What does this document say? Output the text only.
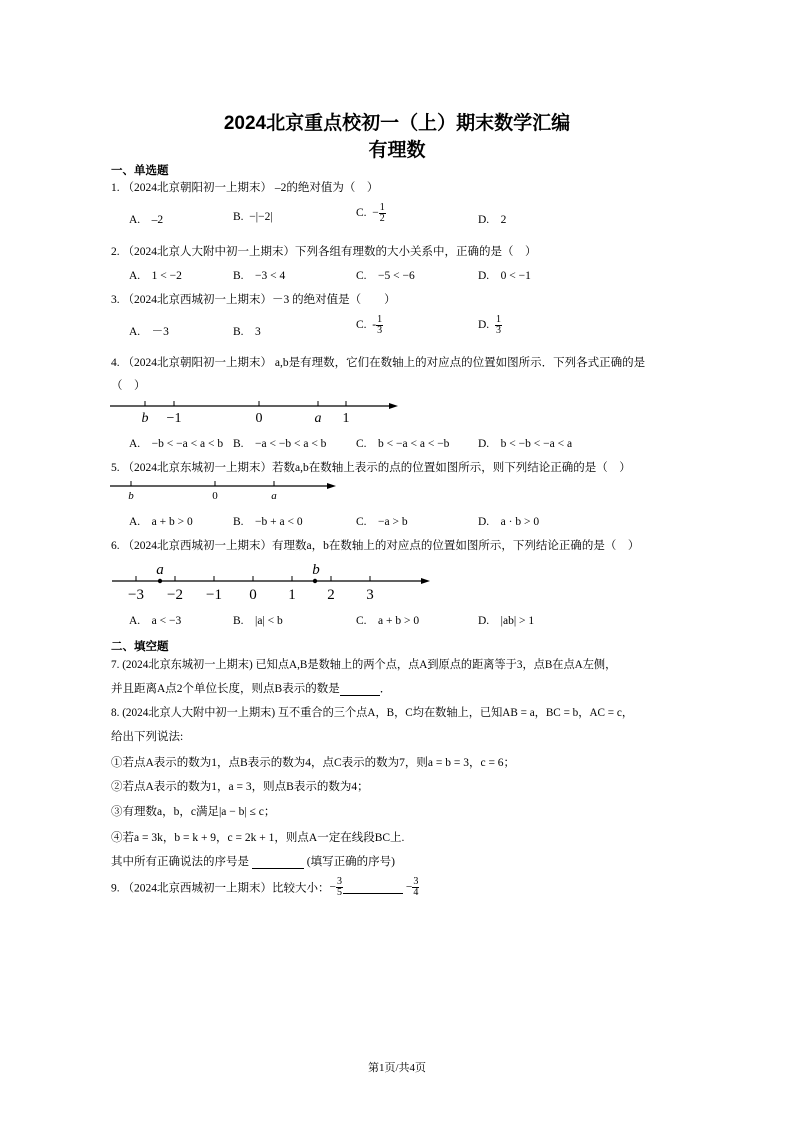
2024北京重点校初一（上）期末数学汇编
有理数
一、单选题
1. （2024北京朝阳初一上期末） –2的绝对值为（　）
A.　–2	B. −|−2|	C. − $\frac{1}{2}$	D.　2
2. （2024北京人大附中初一上期末）下列各组有理数的大小关系中，正确的是（　）
A.　1 < −2	B.　−3 < 4	C.　−5 < −6	D.　0 < −1
3. （2024北京西城初一上期末）－3 的绝对值是（　　）
A.　－3	B.　3
C. - $\frac{1}{3}$	D. $\frac{1}{3}$
4. （2024北京朝阳初一上期末） a,b是有理数，它们在数轴上的对应点的位置如图所示．下列各式正确的是
（　）
b −1	0	a 1
A.　−b < −a < a < b B.　−a < −b < a < b	C.　b < −a < a < −b D.　b < −b < −a < a
5. （2024北京东城初一上期末）若数a,b在数轴上表示的点的位置如图所示，则下列结论正确的是（　）
b	0	a
A.　a + b > 0	B.　−b + a < 0	C.　−a > b	D.　a · b > 0
6. （2024北京西城初一上期末）有理数a，b在数轴上的对应点的位置如图所示，下列结论正确的是（　）
a	b
−3 −2 −1 0 1 2 3
A.　a < −3	B.　|a| < b	C.　a + b > 0	D.　|ab| > 1
二、填空题
7. (2024北京东城初一上期末) 已知点A,B是数轴上的两个点，点A到原点的距离等于3，点B在点A左侧，
并且距离A点2个单位长度，则点B表示的数是	．
8. (2024北京人大附中初一上期末) 互不重合的三个点A，B，C均在数轴上，已知AB = a，BC = b，AC = c，
给出下列说法:
①若点A表示的数为1，点B表示的数为4，点C表示的数为7，则a = b = 3，c = 6；
②若点A表示的数为1，a = 3，则点B表示的数为4；
③有理数a，b，c满足|a − b| ≤ c；
④若a = 3k，b = k + 9，c = 2k + 1，则点A一定在线段BC上.
其中所有正确说法的序号是	(填写正确的序号)
9. （2024北京西城初一上期末）比较大小：− $\frac{3}{5}$	− $\frac{3}{4}$
第1页/共4页
